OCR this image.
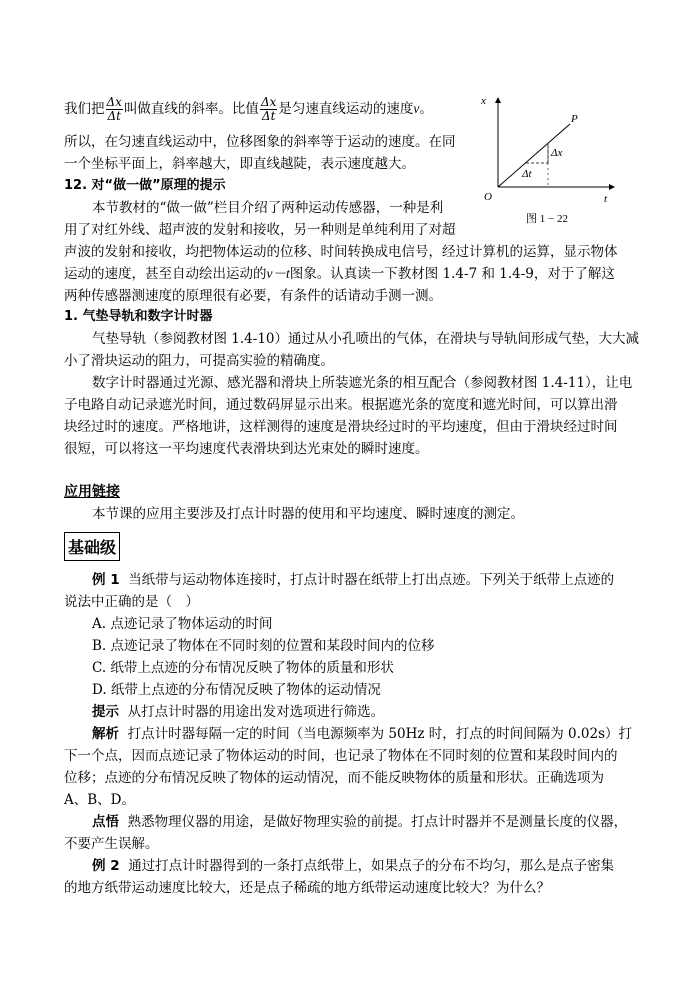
我们把 $\frac{\Delta x}{\Delta t}$ 叫做直线的斜率。比值 $\frac{\Delta x}{\Delta t}$ 是匀速直线运动的速度v。
所以，在匀速直线运动中，位移图象的斜率等于运动的速度。在同
一个坐标平面上，斜率越大，即直线越陡，表示速度越大。
x
t
O
P
Δx
Δt
图 1 − 22
12. 对“做一做”原理的提示
本节教材的“做一做”栏目介绍了两种运动传感器，一种是利
用了对红外线、超声波的发射和接收，另一种则是单纯利用了对超
声波的发射和接收，均把物体运动的位移、时间转换成电信号，经过计算机的运算，显示物体
运动的速度，甚至自动绘出运动的v－t图象。认真读一下教材图 1.4-7 和 1.4-9，对于了解这
两种传感器测速度的原理很有必要，有条件的话请动手测一测。
1. 气垫导轨和数字计时器
气垫导轨（参阅教材图 1.4-10）通过从小孔喷出的气体，在滑块与导轨间形成气垫，大大减
小了滑块运动的阻力，可提高实验的精确度。
数字计时器通过光源、感光器和滑块上所装遮光条的相互配合（参阅教材图 1.4-11），让电
子电路自动记录遮光时间，通过数码屏显示出来。根据遮光条的宽度和遮光时间，可以算出滑
块经过时的速度。严格地讲，这样测得的速度是滑块经过时的平均速度，但由于滑块经过时间
很短，可以将这一平均速度代表滑块到达光束处的瞬时速度。
应用链接
本节课的应用主要涉及打点计时器的使用和平均速度、瞬时速度的测定。
基础级
例 1 当纸带与运动物体连接时，打点计时器在纸带上打出点迹。下列关于纸带上点迹的
说法中正确的是（　）
A. 点迹记录了物体运动的时间
B. 点迹记录了物体在不同时刻的位置和某段时间内的位移
C. 纸带上点迹的分布情况反映了物体的质量和形状
D. 纸带上点迹的分布情况反映了物体的运动情况
提示 从打点计时器的用途出发对选项进行筛选。
解析 打点计时器每隔一定的时间（当电源频率为 50Hz 时，打点的时间间隔为 0.02s）打
下一个点，因而点迹记录了物体运动的时间，也记录了物体在不同时刻的位置和某段时间内的
位移；点迹的分布情况反映了物体的运动情况，而不能反映物体的质量和形状。正确选项为
A、B、D。
点悟 熟悉物理仪器的用途，是做好物理实验的前提。打点计时器并不是测量长度的仪器，
不要产生误解。
例 2 通过打点计时器得到的一条打点纸带上，如果点子的分布不均匀，那么是点子密集
的地方纸带运动速度比较大，还是点子稀疏的地方纸带运动速度比较大？为什么？
